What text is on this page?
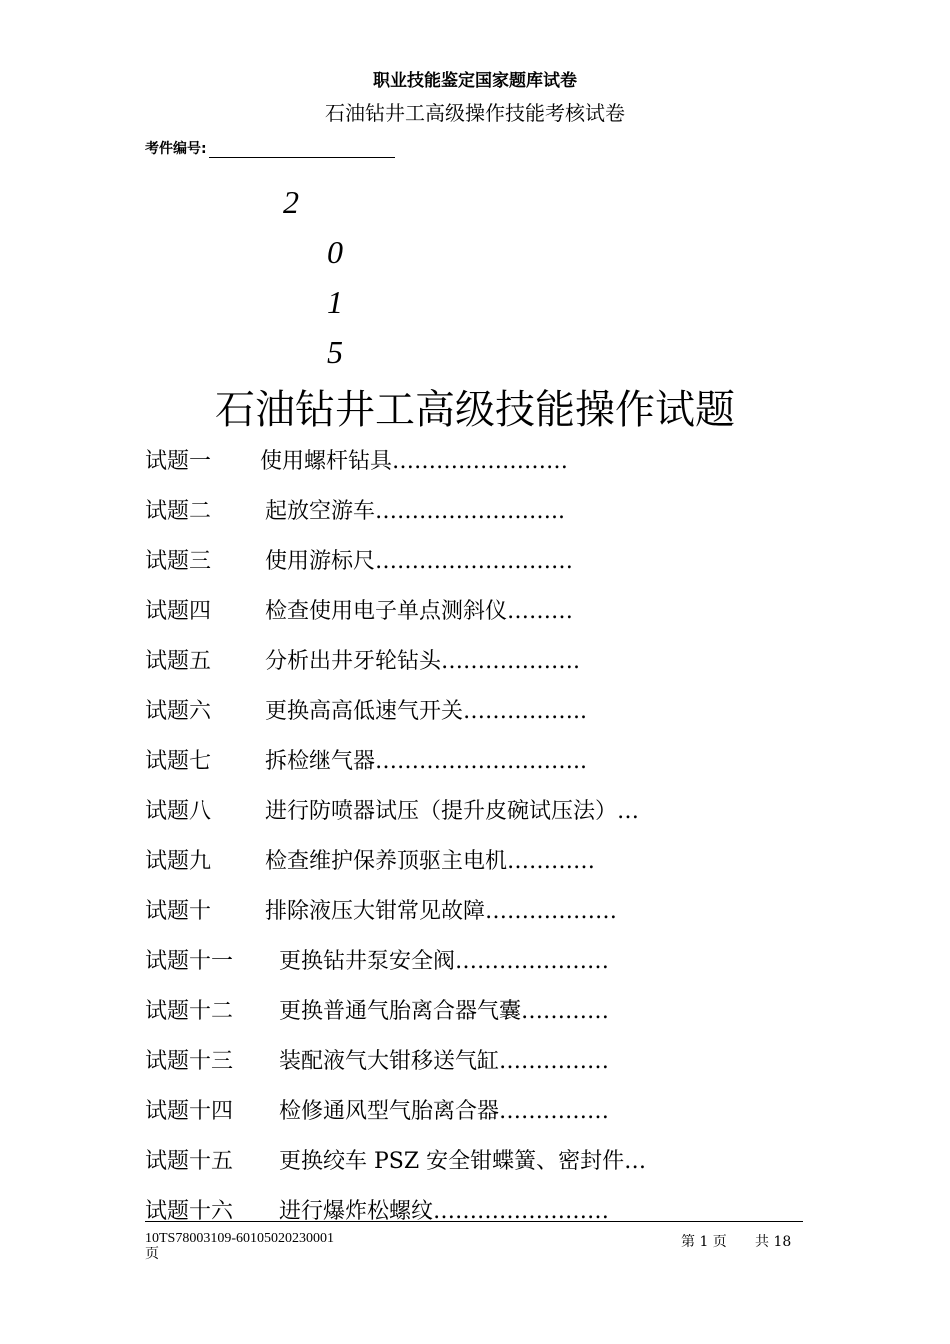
职业技能鉴定国家题库试卷
石油钻井工高级操作技能考核试卷
考件编号:
2
0
1
5
石油钻井工高级技能操作试题
试题一	使用螺杆钻具……………………
试题二	起放空游车……………………..
试题三	使用游标尺………………………
试题四	检查使用电子单点测斜仪………
试题五	分析出井牙轮钻头……………….
试题六	更换高高低速气开关……………..
试题七	拆检继气器………………………..
试题八	进行防喷器试压（提升皮碗试压法）…
试题九	检查维护保养顶驱主电机…………
试题十	排除液压大钳常见故障………………
试题十一	更换钻井泵安全阀…………………
试题十二	更换普通气胎离合器气囊…………
试题十三	装配液气大钳移送气缸……………
试题十四	检修通风型气胎离合器……………
试题十五	更换绞车 PSZ 安全钳蝶簧、密封件…
试题十六	进行爆炸松螺纹……………………
10TS78003109-60105020230001
页
第 1 页 共 18
